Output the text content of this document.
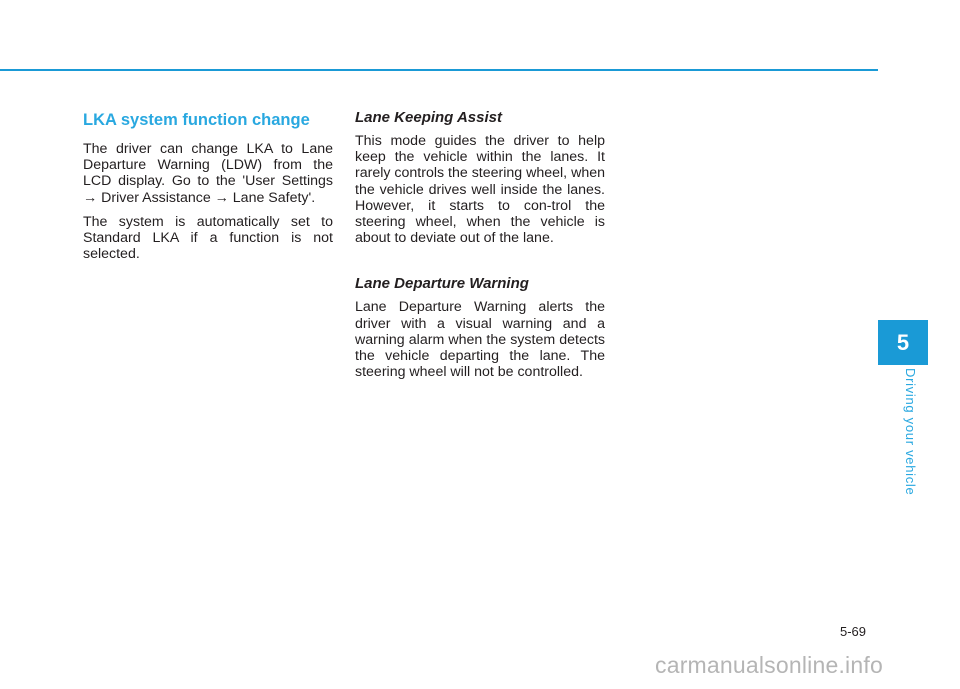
LKA system function change

The driver can change LKA to Lane Departure Warning (LDW) from the LCD display. Go to the 'User Settings → Driver Assistance → Lane Safety'.

The system is automatically set to Standard LKA if a function is not selected.

Lane Keeping Assist

This mode guides the driver to help keep the vehicle within the lanes. It rarely controls the steering wheel, when the vehicle drives well inside the lanes. However, it starts to con-trol the steering wheel, when the vehicle is about to deviate out of the lane.

Lane Departure Warning

Lane Departure Warning alerts the driver with a visual warning and a warning alarm when the system detects the vehicle departing the lane. The steering wheel will not be controlled.

5
Driving your vehicle
5-69
carmanualsonline.info
